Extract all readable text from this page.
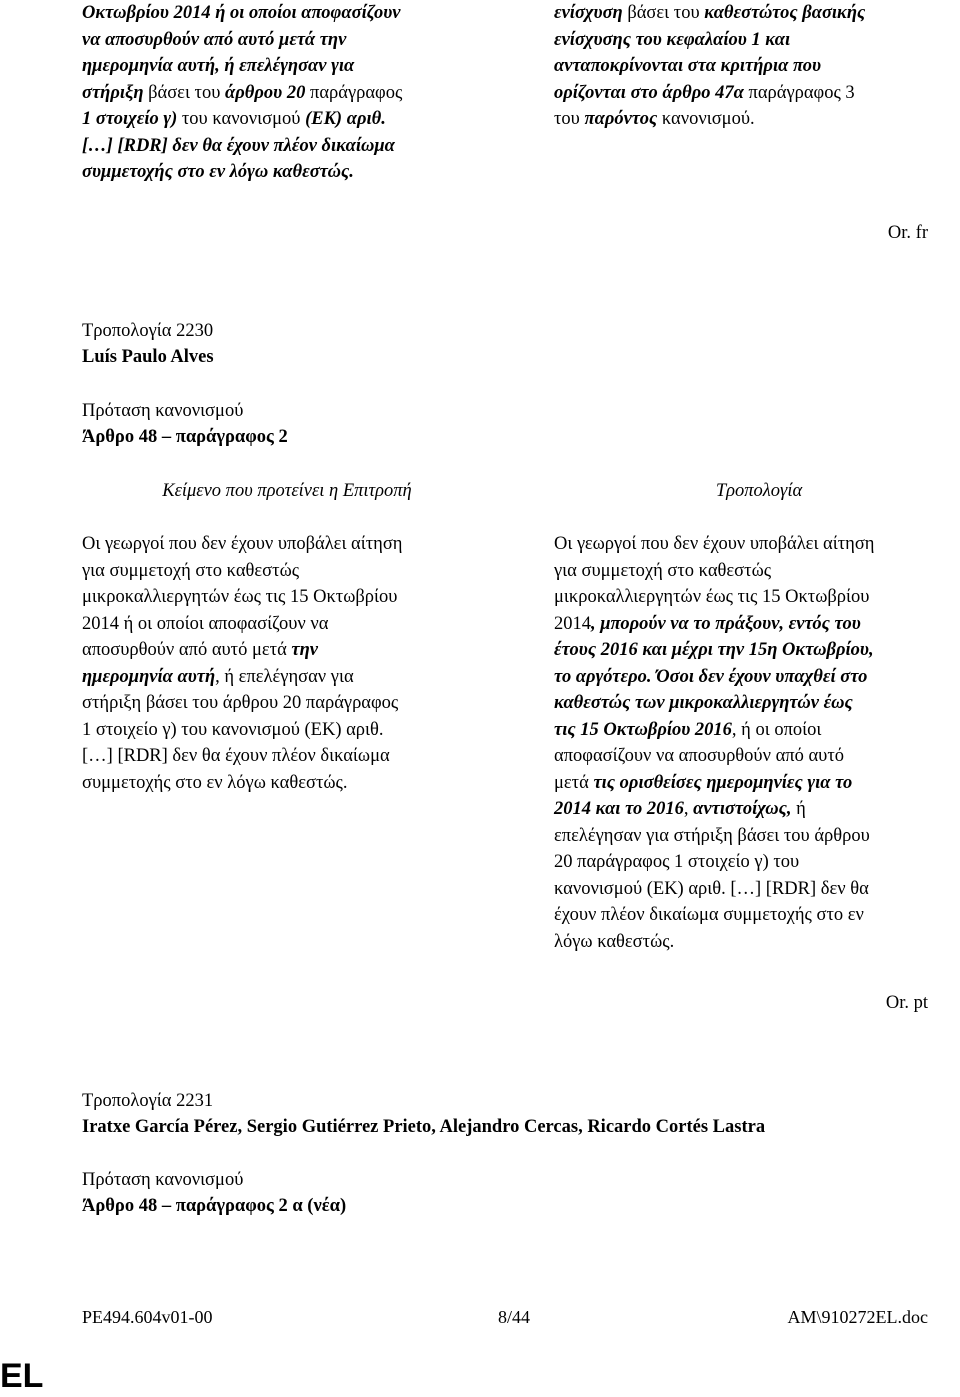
Οκτωβρίου 2014 ή οι οποίοι αποφασίζουν
να αποσυρθούν από αυτό μετά την
ημερομηνία αυτή, ή επελέγησαν για
στήριξη βάσει του άρθρου 20 παράγραφος
1 στοιχείο γ) του κανονισμού (ΕΚ) αριθ.
[…] [RDR] δεν θα έχουν πλέον δικαίωμα
συμμετοχής στο εν λόγω καθεστώς.
ενίσχυση βάσει του καθεστώτος βασικής
ενίσχυσης του κεφαλαίου 1 και
ανταποκρίνονται στα κριτήρια που
ορίζονται στο άρθρο 47α παράγραφος 3
του παρόντος κανονισμού.
Or. fr
Τροπολογία 2230
Luís Paulo Alves
Πρόταση κανονισμού
Άρθρο 48 – παράγραφος 2
Κείμενο που προτείνει η Επιτροπή	Τροπολογία
Οι γεωργοί που δεν έχουν υποβάλει αίτηση
για συμμετοχή στο καθεστώς
μικροκαλλιεργητών έως τις 15 Οκτωβρίου
2014 ή οι οποίοι αποφασίζουν να
αποσυρθούν από αυτό μετά την
ημερομηνία αυτή, ή επελέγησαν για
στήριξη βάσει του άρθρου 20 παράγραφος
1 στοιχείο γ) του κανονισμού (ΕΚ) αριθ.
[…] [RDR] δεν θα έχουν πλέον δικαίωμα
συμμετοχής στο εν λόγω καθεστώς.
Οι γεωργοί που δεν έχουν υποβάλει αίτηση
για συμμετοχή στο καθεστώς
μικροκαλλιεργητών έως τις 15 Οκτωβρίου
2014, μπορούν να το πράξουν, εντός του
έτους 2016 και μέχρι την 15η Οκτωβρίου,
το αργότερο. Όσοι δεν έχουν υπαχθεί στο
καθεστώς των μικροκαλλιεργητών έως
τις 15 Οκτωβρίου 2016, ή οι οποίοι
αποφασίζουν να αποσυρθούν από αυτό
μετά τις ορισθείσες ημερομηνίες για το
2014 και το 2016, αντιστοίχως, ή
επελέγησαν για στήριξη βάσει του άρθρου
20 παράγραφος 1 στοιχείο γ) του
κανονισμού (ΕΚ) αριθ. […] [RDR] δεν θα
έχουν πλέον δικαίωμα συμμετοχής στο εν
λόγω καθεστώς.
Or. pt
Τροπολογία 2231
Iratxe García Pérez, Sergio Gutiérrez Prieto, Alejandro Cercas, Ricardo Cortés Lastra
Πρόταση κανονισμού
Άρθρο 48 – παράγραφος 2 α (νέα)
PE494.604v01-00	8/44	AM\910272EL.doc
EL
